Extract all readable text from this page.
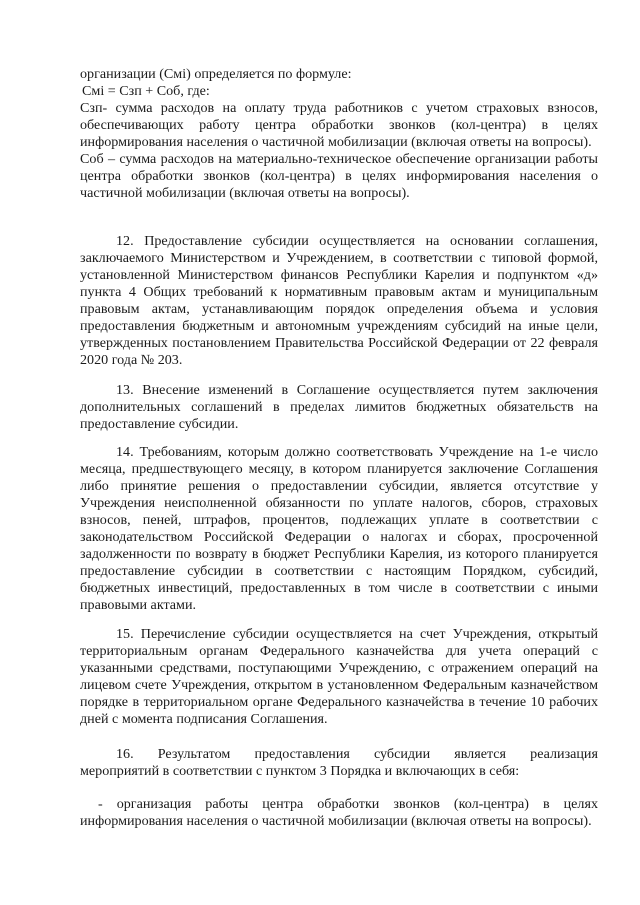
организации (Смi) определяется по формуле:

Смi = Сзп + Соб, где:

Сзп- сумма расходов на оплату труда работников с учетом страховых взносов, обеспечивающих работу центра обработки звонков (кол-центра) в целях информирования населения о частичной мобилизации (включая ответы на вопросы).

Соб – сумма расходов на материально-техническое обеспечение организации работы центра обработки звонков (кол-центра) в целях информирования населения о частичной мобилизации (включая ответы на вопросы).

12. Предоставление субсидии осуществляется на основании соглашения, заключаемого Министерством и Учреждением, в соответствии с типовой формой, установленной Министерством финансов Республики Карелия и подпунктом «д» пункта 4 Общих требований к нормативным правовым актам и муниципальным правовым актам, устанавливающим порядок определения объема и условия предоставления бюджетным и автономным учреждениям субсидий на иные цели, утвержденных постановлением Правительства Российской Федерации от 22 февраля 2020 года № 203.

13. Внесение изменений в Соглашение осуществляется путем заключения дополнительных соглашений в пределах лимитов бюджетных обязательств на предоставление субсидии.

14. Требованиям, которым должно соответствовать Учреждение на 1-е число месяца, предшествующего месяцу, в котором планируется заключение Соглашения либо принятие решения о предоставлении субсидии, является отсутствие у Учреждения неисполненной обязанности по уплате налогов, сборов, страховых взносов, пеней, штрафов, процентов, подлежащих уплате в соответствии с законодательством Российской Федерации о налогах и сборах, просроченной задолженности по возврату в бюджет Республики Карелия, из которого планируется предоставление субсидии в соответствии с настоящим Порядком, субсидий, бюджетных инвестиций, предоставленных в том числе в соответствии с иными правовыми актами.

15. Перечисление субсидии осуществляется на счет Учреждения, открытый территориальным органам Федерального казначейства для учета операций с указанными средствами, поступающими Учреждению, с отражением операций на лицевом счете Учреждения, открытом в установленном Федеральным казначейством порядке в территориальном органе Федерального казначейства в течение 10 рабочих дней с момента подписания Соглашения.

16. Результатом предоставления субсидии является реализация

мероприятий в соответствии с пунктом 3 Порядка и включающих в себя:

- организация работы центра обработки звонков (кол-центра) в целях информирования населения о частичной мобилизации (включая ответы на вопросы).
